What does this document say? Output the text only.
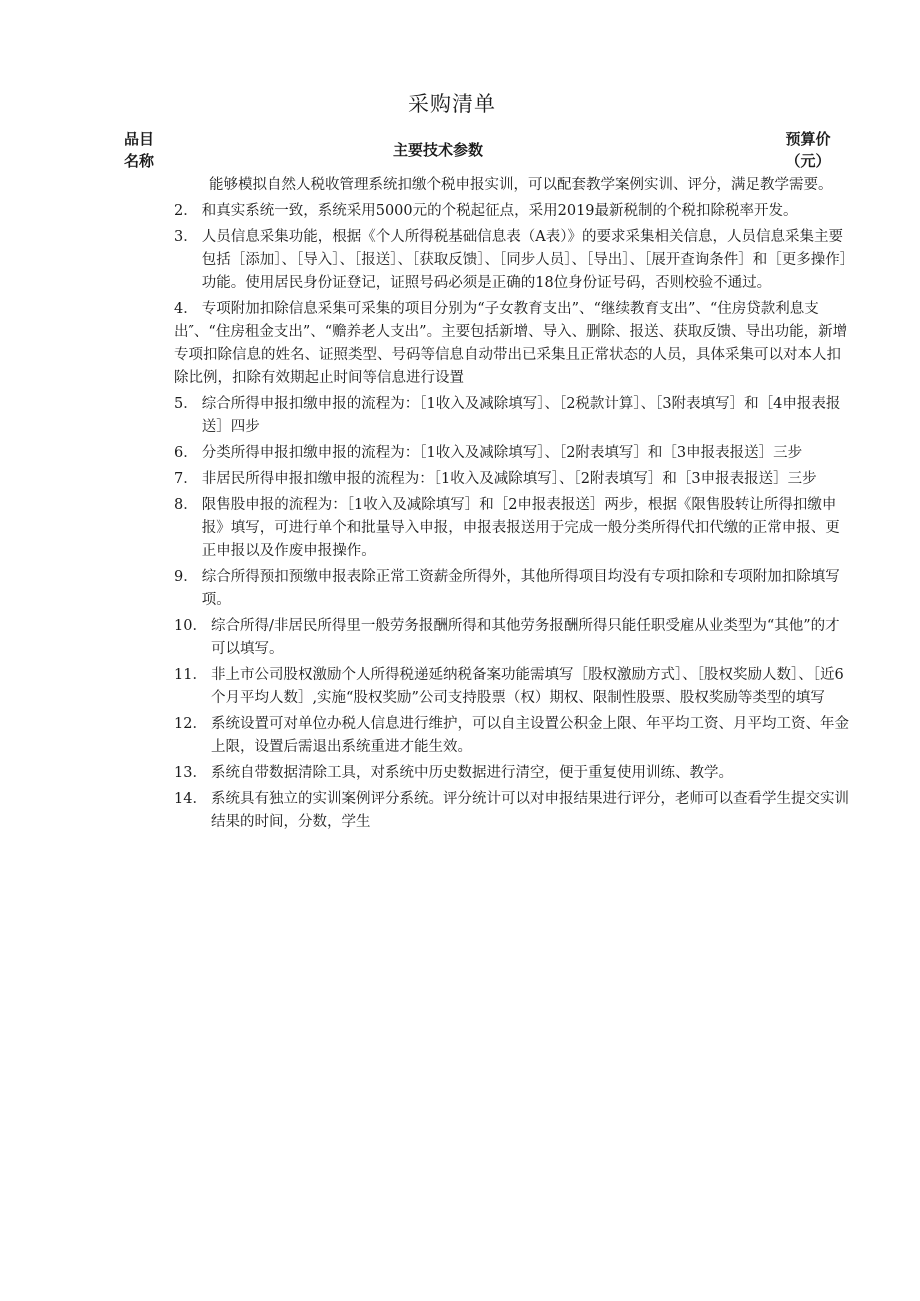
采购清单
品目
名称
主要技术参数
预算价
（元）
能够模拟自然人税收管理系统扣缴个税申报实训，可以配套教学案例实训、评分，满足教学需要。
2． 和真实系统一致，系统采用5000元的个税起征点，采用2019最新税制的个税扣除税率开发。
3． 人员信息采集功能，根据《个人所得税基础信息表（A表）》的要求采集相关信息，人员信息采集主要包括［添加］、［导入］、［报送］、［获取反馈］、［同步人员］、［导出］、［展开查询条件］和［更多操作］功能。使用居民身份证登记，证照号码必须是正确的18位身份证号码，否则校验不通过。
4． 专项附加扣除信息采集可采集的项目分别为“子女教育支出”、“继续教育支出”、“住房贷款利息支出″、“住房租金支出”、“赡养老人支出”。主要包括新增、导入、删除、报送、获取反馈、导出功能，新增专项扣除信息的姓名、证照类型、号码等信息自动带出已采集且正常状态的人员，具体采集可以对本人扣除比例，扣除有效期起止时间等信息进行设置
5． 综合所得申报扣缴申报的流程为：［1收入及减除填写］、［2税款计算］、［3附表填写］和［4申报表报送］四步
6． 分类所得申报扣缴申报的流程为：［1收入及减除填写］、［2附表填写］和［3申报表报送］三步
7． 非居民所得申报扣缴申报的流程为：［1收入及减除填写］、［2附表填写］和［3申报表报送］三步
8． 限售股申报的流程为：［1收入及减除填写］和［2申报表报送］两步，根据《限售股转让所得扣缴申报》填写，可进行单个和批量导入申报，申报表报送用于完成一般分类所得代扣代缴的正常申报、更正申报以及作废申报操作。
9． 综合所得预扣预缴申报表除正常工资薪金所得外，其他所得项目均没有专项扣除和专项附加扣除填写项。
10． 综合所得/非居民所得里一般劳务报酬所得和其他劳务报酬所得只能任职受雇从业类型为“其他”的才可以填写。
11． 非上市公司股权激励个人所得税递延纳税备案功能需填写［股权激励方式］、［股权奖励人数］、［近6个月平均人数］,实施“股权奖励”公司支持股票（权）期权、限制性股票、股权奖励等类型的填写
12． 系统设置可对单位办税人信息进行维护，可以自主设置公积金上限、年平均工资、月平均工资、年金上限，设置后需退出系统重进才能生效。
13． 系统自带数据清除工具，对系统中历史数据进行清空，便于重复使用训练、教学。
14． 系统具有独立的实训案例评分系统。评分统计可以对申报结果进行评分，老师可以查看学生提交实训结果的时间，分数，学生
